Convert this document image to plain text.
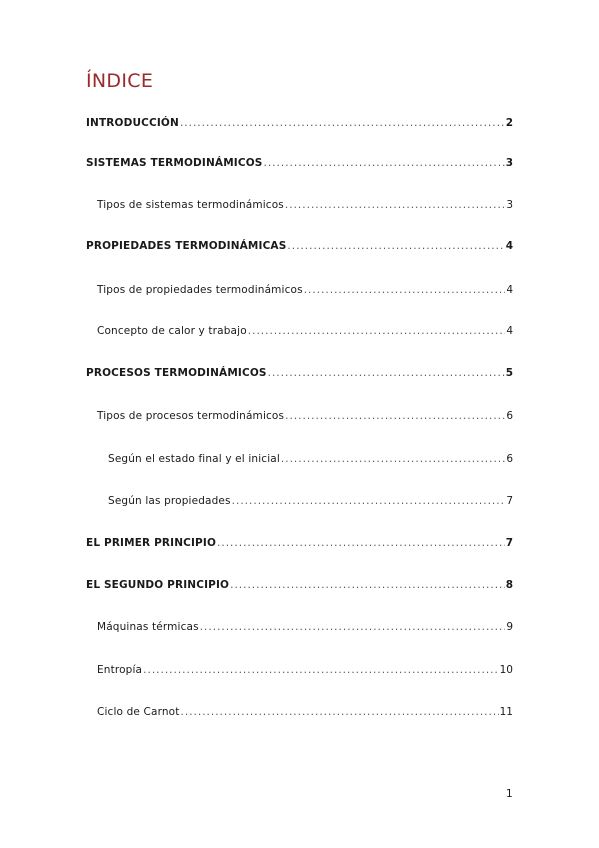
ÍNDICE
INTRODUCCIÓN .....	2
SISTEMAS TERMODINÁMICOS .....	3
Tipos de sistemas termodinámicos .....	3
PROPIEDADES TERMODINÁMICAS .....	4
Tipos de propiedades termodinámicos .....	4
Concepto de calor y trabajo .....	4
PROCESOS TERMODINÁMICOS .....	5
Tipos de procesos termodinámicos .....	6
Según el estado final y el inicial .....	6
Según las propiedades .....	7
EL PRIMER PRINCIPIO .....	7
EL SEGUNDO PRINCIPIO .....	8
Máquinas térmicas .....	9
Entropía .....	10
Ciclo de Carnot .....	11
1
